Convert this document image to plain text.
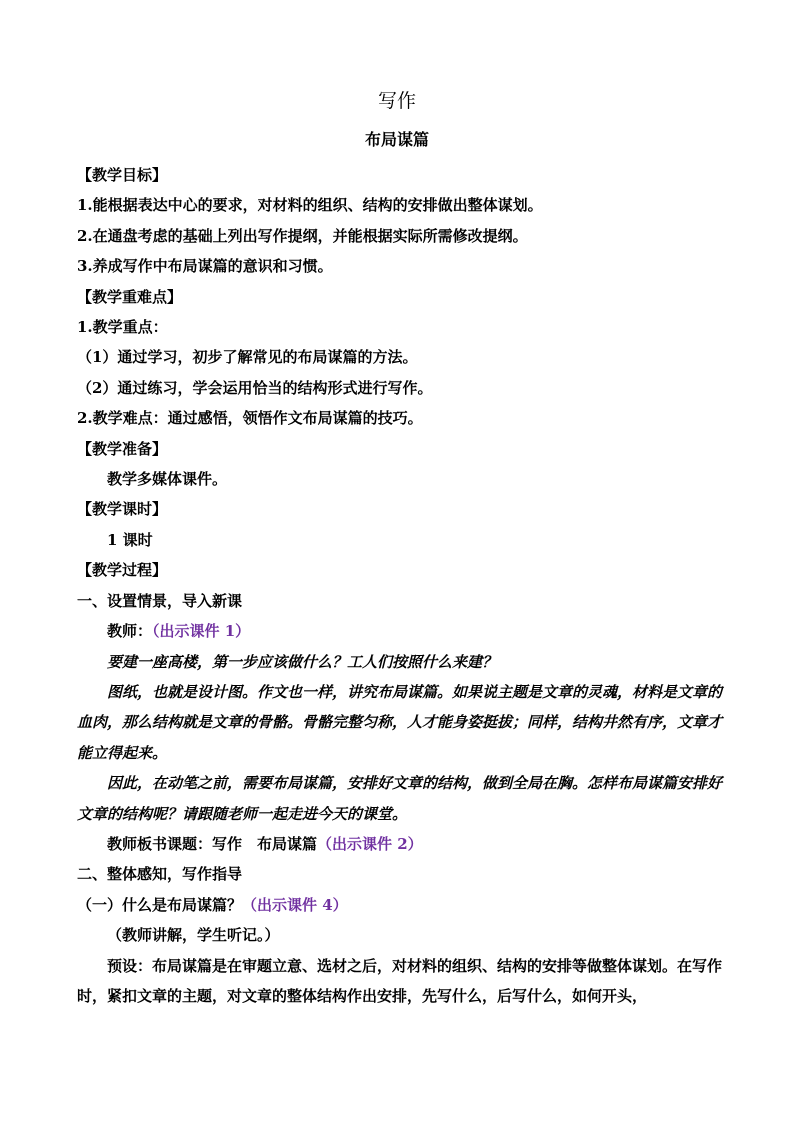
写作
布局谋篇

【教学目标】

1.能根据表达中心的要求，对材料的组织、结构的安排做出整体谋划。

2.在通盘考虑的基础上列出写作提纲，并能根据实际所需修改提纲。

3.养成写作中布局谋篇的意识和习惯。

【教学重难点】

1.教学重点：

（1）通过学习，初步了解常见的布局谋篇的方法。

（2）通过练习，学会运用恰当的结构形式进行写作。

2.教学难点：通过感悟，领悟作文布局谋篇的技巧。

【教学准备】

教学多媒体课件。

【教学课时】

1 课时

【教学过程】

一、设置情景，导入新课

教师：（出示课件 1）

要建一座高楼，第一步应该做什么？工人们按照什么来建？

图纸，也就是设计图。作文也一样，讲究布局谋篇。如果说主题是文章的灵魂，材料是文章的血肉，那么结构就是文章的骨骼。骨骼完整匀称，人才能身姿挺拔；同样，结构井然有序，文章才能立得起来。

因此，在动笔之前，需要布局谋篇，安排好文章的结构，做到全局在胸。怎样布局谋篇安排好文章的结构呢？请跟随老师一起走进今天的课堂。

教师板书课题：写作　布局谋篇（出示课件 2）

二、整体感知，写作指导

（一）什么是布局谋篇？（出示课件 4）

（教师讲解，学生听记。）

预设：布局谋篇是在审题立意、选材之后，对材料的组织、结构的安排等做整体谋划。在写作时，紧扣文章的主题，对文章的整体结构作出安排，先写什么，后写什么，如何开头，
